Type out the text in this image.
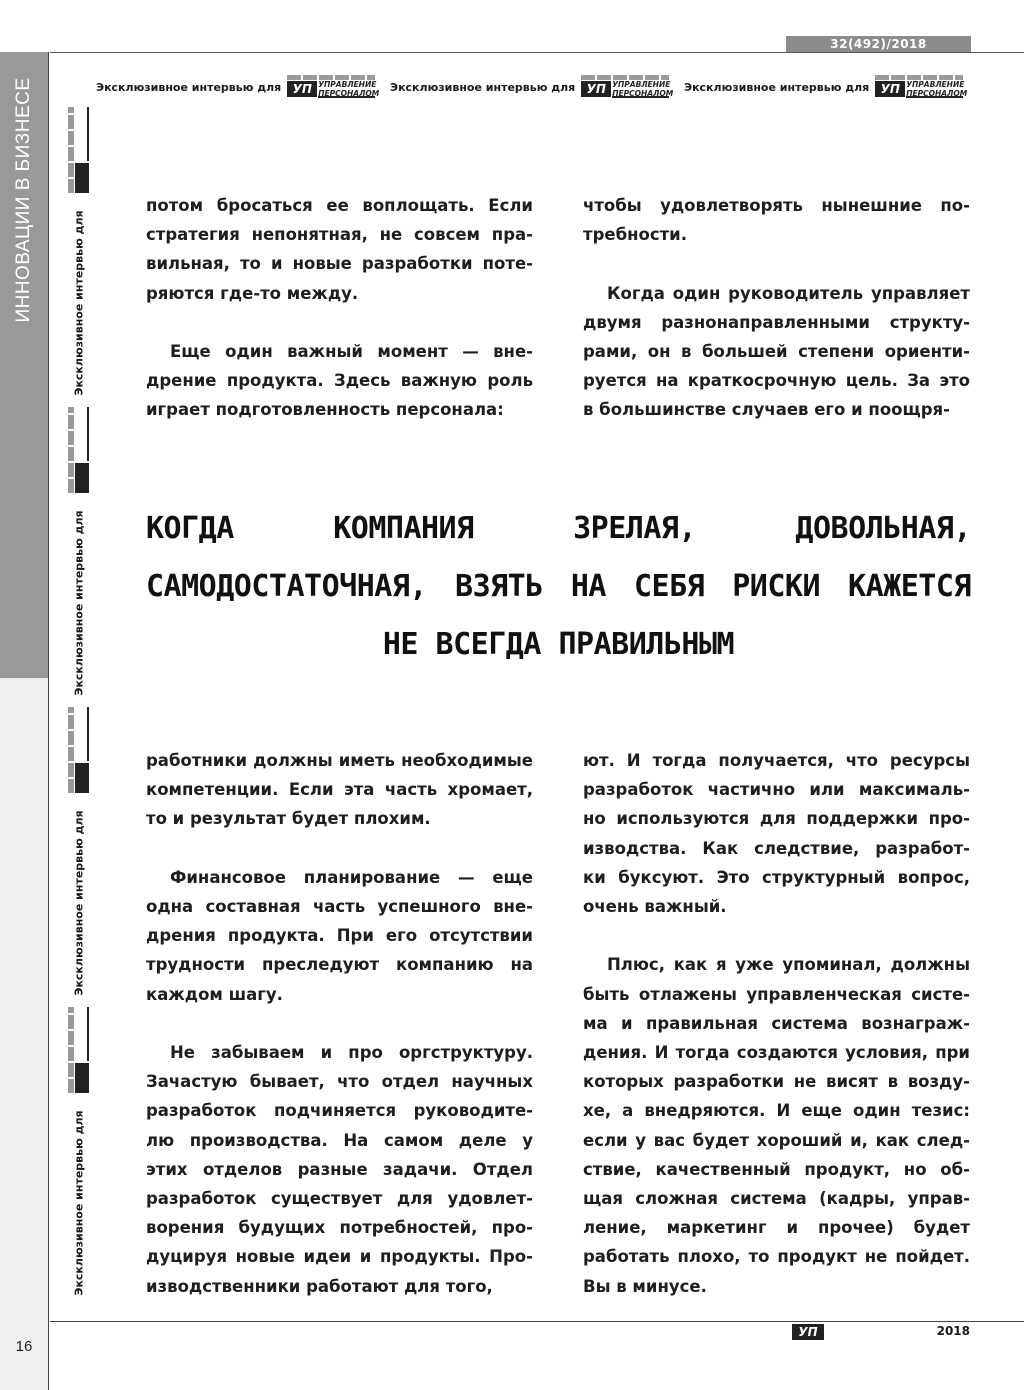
32(492)/2018
Эксклюзивное интервью для УП УПРАВЛЕНИЕ ПЕРСОНАЛОМ Эксклюзивное интервью для УП УПРАВЛЕНИЕ ПЕРСОНАЛОМ Эксклюзивное интервью для УП УПРАВЛЕНИЕ ПЕРСОНАЛОМ
ИННОВАЦИИ В БИЗНЕСЕ	Эксклюзивное интервью для
Эксклюзивное интервью для
Эксклюзивное интервью для
Эксклюзивное интервью для

потом бросаться ее воплощать. Если
стратегия непонятная, не совсем пра-
вильная, то и новые разработки поте-
ряются где-то между.

Еще один важный момент — вне-
дрение продукта. Здесь важную роль
играет подготовленность персонала:

чтобы удовлетворять нынешние по-
требности.

Когда один руководитель управляет
двумя разнонаправленными структу-
рами, он в большей степени ориенти-
руется на краткосрочную цель. За это
в большинстве случаев его и поощря-

КОГДА КОМПАНИЯ ЗРЕЛАЯ, ДОВОЛЬНАЯ,
САМОДОСТАТОЧНАЯ, ВЗЯТЬ НА СЕБЯ РИСКИ КАЖЕТСЯ
НЕ ВСЕГДА ПРАВИЛЬНЫМ

работники должны иметь необходимые
компетенции. Если эта часть хромает,
то и результат будет плохим.

Финансовое планирование — еще
одна составная часть успешного вне-
дрения продукта. При его отсутствии
трудности преследуют компанию на
каждом шагу.

Не забываем и про оргструктуру.
Зачастую бывает, что отдел научных
разработок подчиняется руководите-
лю производства. На самом деле у
этих отделов разные задачи. Отдел
разработок существует для удовлет-
ворения будущих потребностей, про-
дуцируя новые идеи и продукты. Про-
изводственники работают для того,

ют. И тогда получается, что ресурсы
разработок частично или максималь-
но используются для поддержки про-
изводства. Как следствие, разработ-
ки буксуют. Это структурный вопрос,
очень важный.

Плюс, как я уже упоминал, должны
быть отлажены управленческая систе-
ма и правильная система вознаграж-
дения. И тогда создаются условия, при
которых разработки не висят в возду-
хе, а внедряются. И еще один тезис:
если у вас будет хороший и, как след-
ствие, качественный продукт, но об-
щая сложная система (кадры, управ-
ление, маркетинг и прочее) будет
работать плохо, то продукт не пойдет.
Вы в минусе.

16
УП	2018
